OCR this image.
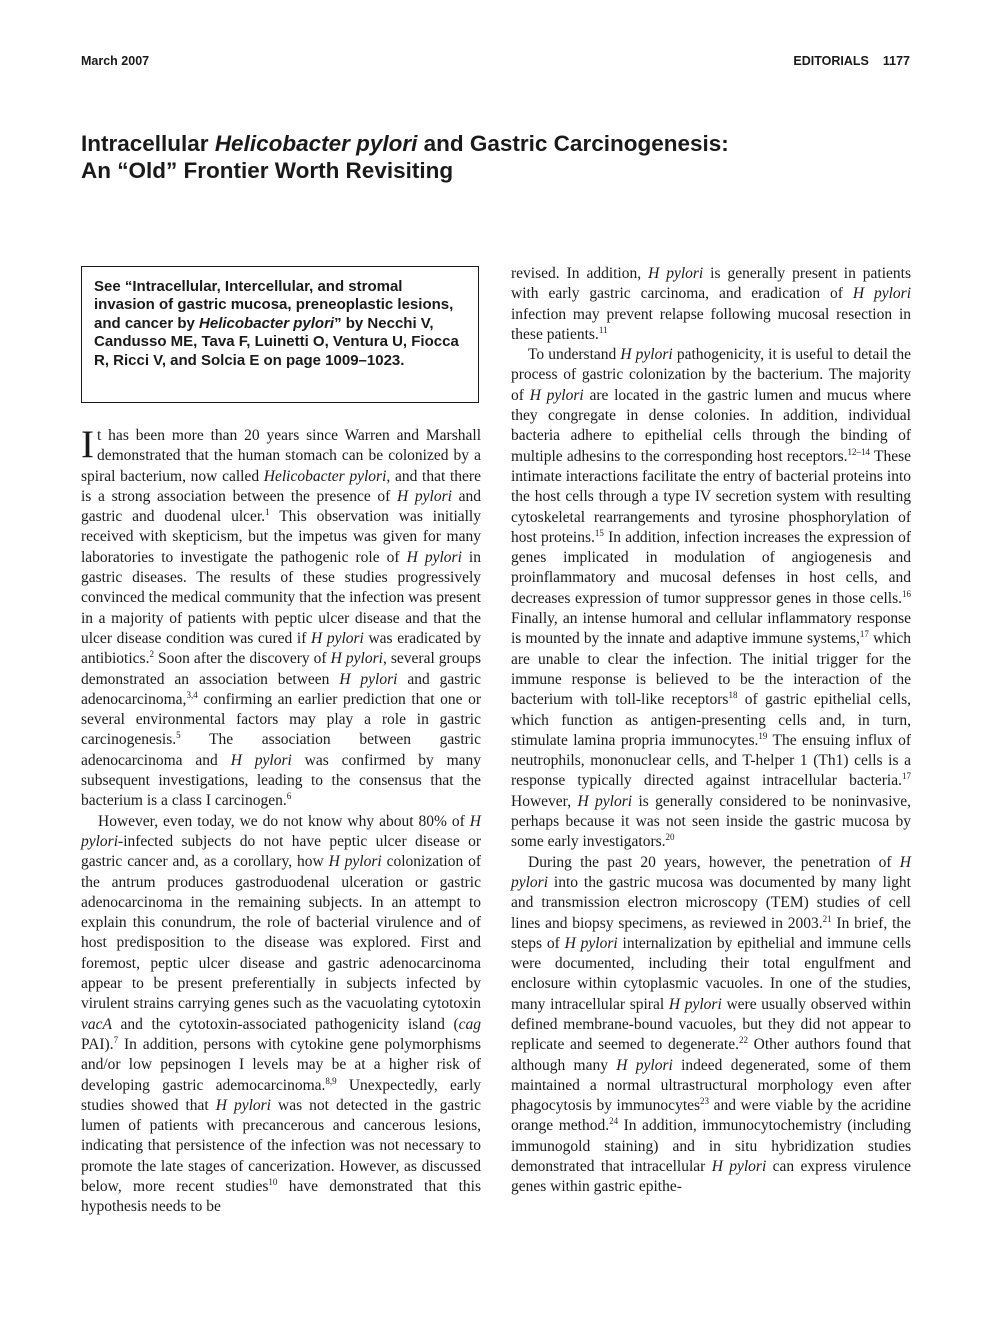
March 2007	EDITORIALS 1177
Intracellular Helicobacter pylori and Gastric Carcinogenesis:
An “Old” Frontier Worth Revisiting
See “Intracellular, Intercellular, and stromal invasion of gastric mucosa, preneoplastic lesions, and cancer by Helicobacter pylori” by Necchi V, Candusso ME, Tava F, Luinetti O, Ventura U, Fiocca R, Ricci V, and Solcia E on page 1009–1023.

It has been more than 20 years since Warren and Marshall demonstrated that the human stomach can be colonized by a spiral bacterium, now called Helicobacter pylori, and that there is a strong association between the presence of H pylori and gastric and duodenal ulcer.$^1$ This observation was initially received with skepticism, but the impetus was given for many laboratories to investigate the pathogenic role of H pylori in gastric diseases. The results of these studies progressively convinced the medical community that the infection was present in a majority of patients with peptic ulcer disease and that the ulcer disease condition was cured if H pylori was eradicated by antibiotics.$^2$ Soon after the discovery of H pylori, several groups demonstrated an association between H pylori and gastric adenocarcinoma,$^{3,4}$ confirming an earlier prediction that one or several environmental factors may play a role in gastric carcinogenesis.$^5$ The association between gastric adenocarcinoma and H pylori was confirmed by many subsequent investigations, leading to the consensus that the bacterium is a class I carcinogen.$^6$

However, even today, we do not know why about 80% of H pylori-infected subjects do not have peptic ulcer disease or gastric cancer and, as a corollary, how H pylori colonization of the antrum produces gastroduodenal ulceration or gastric adenocarcinoma in the remaining subjects. In an attempt to explain this conundrum, the role of bacterial virulence and of host predisposition to the disease was explored. First and foremost, peptic ulcer disease and gastric adenocarcinoma appear to be present preferentially in subjects infected by virulent strains carrying genes such as the vacuolating cytotoxin vacA and the cytotoxin-associated pathogenicity island (cag PAI).$^7$ In addition, persons with cytokine gene polymorphisms and/or low pepsinogen I levels may be at a higher risk of developing gastric ademocarcinoma.$^{8,9}$ Unexpectedly, early studies showed that H pylori was not detected in the gastric lumen of patients with precancerous and cancerous lesions, indicating that persistence of the infection was not necessary to promote the late stages of cancerization. However, as discussed below, more recent studies$^{10}$ have demonstrated that this hypothesis needs to be

revised. In addition, H pylori is generally present in patients with early gastric carcinoma, and eradication of H pylori infection may prevent relapse following mucosal resection in these patients.$^{11}$

To understand H pylori pathogenicity, it is useful to detail the process of gastric colonization by the bacterium. The majority of H pylori are located in the gastric lumen and mucus where they congregate in dense colonies. In addition, individual bacteria adhere to epithelial cells through the binding of multiple adhesins to the corresponding host receptors.$^{12-14}$ These intimate interactions facilitate the entry of bacterial proteins into the host cells through a type IV secretion system with resulting cytoskeletal rearrangements and tyrosine phosphorylation of host proteins.$^{15}$ In addition, infection increases the expression of genes implicated in modulation of angiogenesis and proinflammatory and mucosal defenses in host cells, and decreases expression of tumor suppressor genes in those cells.$^{16}$ Finally, an intense humoral and cellular inflammatory response is mounted by the innate and adaptive immune systems,$^{17}$ which are unable to clear the infection. The initial trigger for the immune response is believed to be the interaction of the bacterium with toll-like receptors$^{18}$ of gastric epithelial cells, which function as antigen-presenting cells and, in turn, stimulate lamina propria immunocytes.$^{19}$ The ensuing influx of neutrophils, mononuclear cells, and T-helper 1 (Th1) cells is a response typically directed against intracellular bacteria.$^{17}$ However, H pylori is generally considered to be noninvasive, perhaps because it was not seen inside the gastric mucosa by some early investigators.$^{20}$

During the past 20 years, however, the penetration of H pylori into the gastric mucosa was documented by many light and transmission electron microscopy (TEM) studies of cell lines and biopsy specimens, as reviewed in 2003.21 In brief, the steps of H pylori internalization by epithelial and immune cells were documented, including their total engulfment and enclosure within cytoplasmic vacuoles. In one of the studies, many intracellular spiral H pylori were usually observed within defined membrane-bound vacuoles, but they did not appear to replicate and seemed to degenerate.$^{22}$ Other authors found that although many H pylori indeed degenerated, some of them maintained a normal ultrastructural morphology even after phagocytosis by immunocytes$^{23}$ and were viable by the acridine orange method.$^{24}$ In addition, immunocytochemistry (including immunogold staining) and in situ hybridization studies demonstrated that intracellular H pylori can express virulence genes within gastric epithe-
